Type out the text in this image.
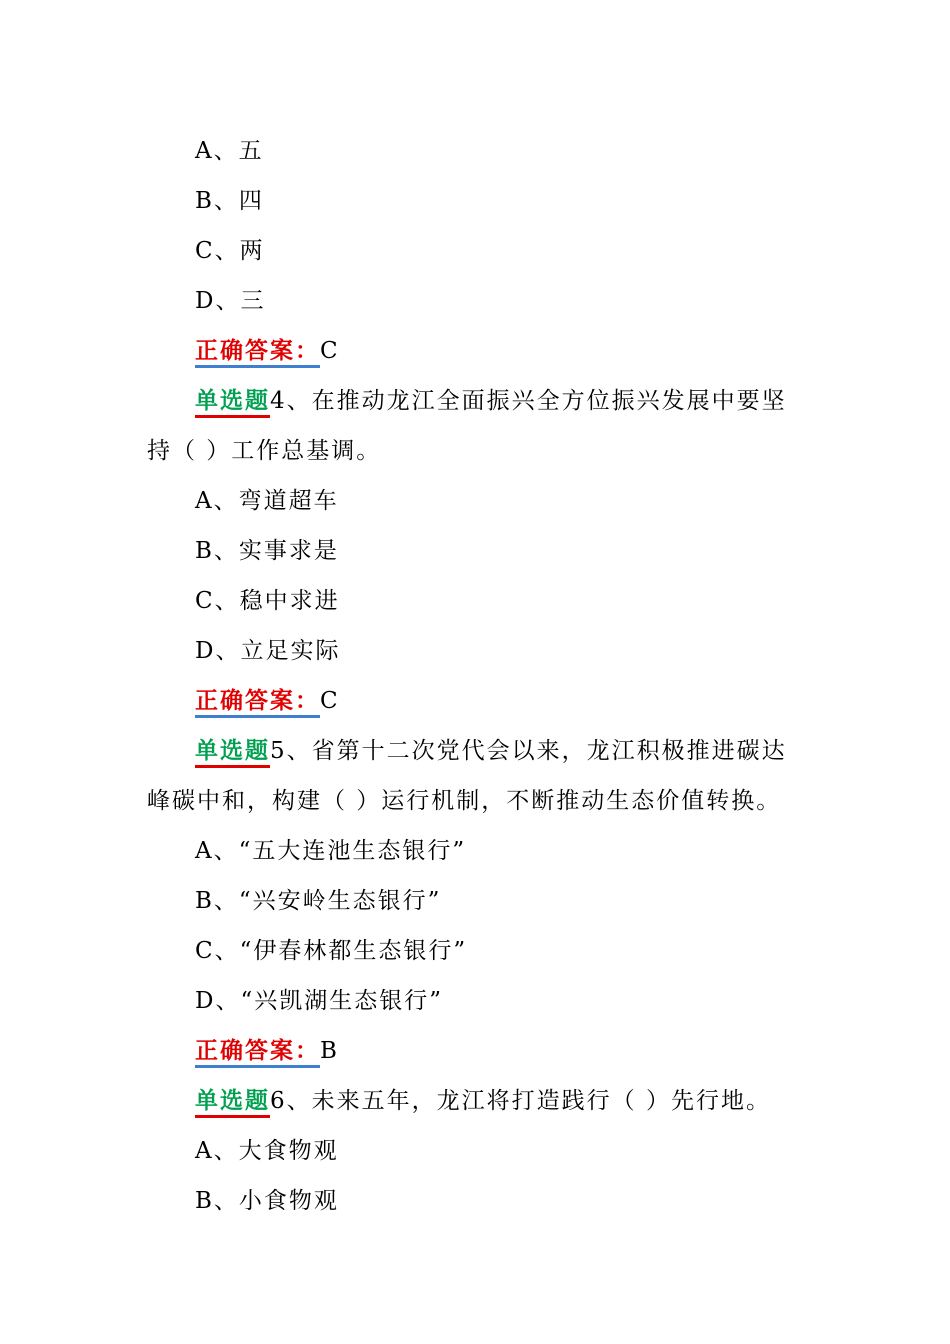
A、五
B、四
C、两
D、三
正确答案：C
单选题4、在推动龙江全面振兴全方位振兴发展中要坚
持（ ）工作总基调。
A、弯道超车
B、实事求是
C、稳中求进
D、立足实际
正确答案：C
单选题5、省第十二次党代会以来，龙江积极推进碳达
峰碳中和，构建（ ）运行机制，不断推动生态价值转换。
A、“五大连池生态银行”
B、“兴安岭生态银行”
C、“伊春林都生态银行”
D、“兴凯湖生态银行”
正确答案：B
单选题6、未来五年，龙江将打造践行（ ）先行地。
A、大食物观
B、小食物观
